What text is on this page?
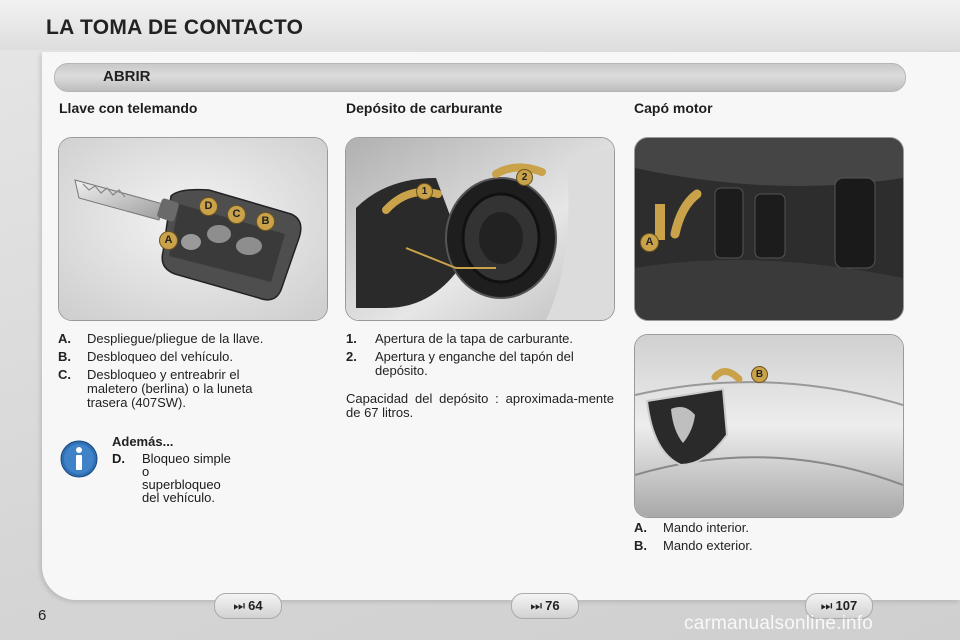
LA TOMA DE CONTACTO
ABRIR
Llave con telemando	Depósito de carburante	Capó motor
D
C
B
A
1
2
A
B
A. Despliegue/pliegue de la llave.
B. Desbloqueo del vehículo.
C. Desbloqueo y entreabrir el maletero (berlina) o la luneta trasera (407SW).
Además...
D. Bloqueo simple
o
superbloqueo
del vehículo.
1. Apertura de la tapa de carburante.
2. Apertura y enganche del tapón del depósito.
Capacidad del depósito : aproximada-mente de 67 litros.
A. Mando interior.
B. Mando exterior.
⏭ 64	⏭ 76	⏭ 107
6	carmanualsonline.info
